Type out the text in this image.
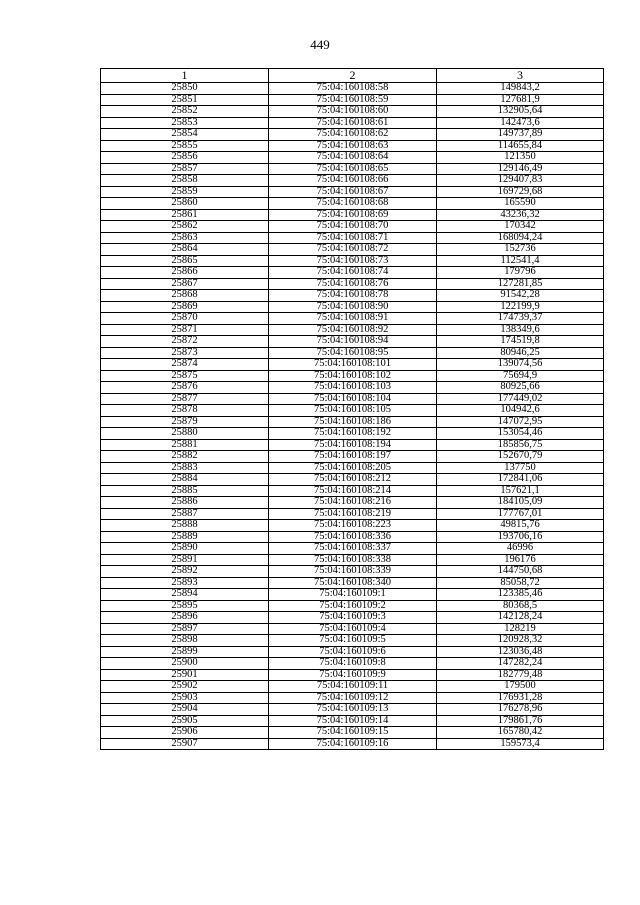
449
1	2	3
25850	75:04:160108:58	149843,2
25851	75:04:160108:59	127681,9
25852	75:04:160108:60	132905,64
25853	75:04:160108:61	142473,6
25854	75:04:160108:62	149737,89
25855	75:04:160108:63	114655,84
25856	75:04:160108:64	121350
25857	75:04:160108:65	129146,49
25858	75:04:160108:66	129407,83
25859	75:04:160108:67	169729,68
25860	75:04:160108:68	165590
25861	75:04:160108:69	43236,32
25862	75:04:160108:70	170342
25863	75:04:160108:71	168094,24
25864	75:04:160108:72	152736
25865	75:04:160108:73	112541,4
25866	75:04:160108:74	179796
25867	75:04:160108:76	127281,85
25868	75:04:160108:78	91542,28
25869	75:04:160108:90	122199,9
25870	75:04:160108:91	174739,37
25871	75:04:160108:92	138349,6
25872	75:04:160108:94	174519,8
25873	75:04:160108:95	80946,25
25874	75:04:160108:101	139074,56
25875	75:04:160108:102	75694,9
25876	75:04:160108:103	80925,66
25877	75:04:160108:104	177449,02
25878	75:04:160108:105	104942,6
25879	75:04:160108:186	147072,95
25880	75:04:160108:192	153054,46
25881	75:04:160108:194	185856,75
25882	75:04:160108:197	152670,79
25883	75:04:160108:205	137750
25884	75:04:160108:212	172841,06
25885	75:04:160108:214	157621,1
25886	75:04:160108:216	184105,09
25887	75:04:160108:219	177767,01
25888	75:04:160108:223	49815,76
25889	75:04:160108:336	193706,16
25890	75:04:160108:337	46996
25891	75:04:160108:338	196176
25892	75:04:160108:339	144750,68
25893	75:04:160108:340	85058,72
25894	75:04:160109:1	123385,46
25895	75:04:160109:2	80368,5
25896	75:04:160109:3	142128,24
25897	75:04:160109:4	128219
25898	75:04:160109:5	120928,32
25899	75:04:160109:6	123036,48
25900	75:04:160109:8	147282,24
25901	75:04:160109:9	182779,48
25902	75:04:160109:11	179500
25903	75:04:160109:12	176931,28
25904	75:04:160109:13	176278,96
25905	75:04:160109:14	179861,76
25906	75:04:160109:15	165780,42
25907	75:04:160109:16	159573,4
